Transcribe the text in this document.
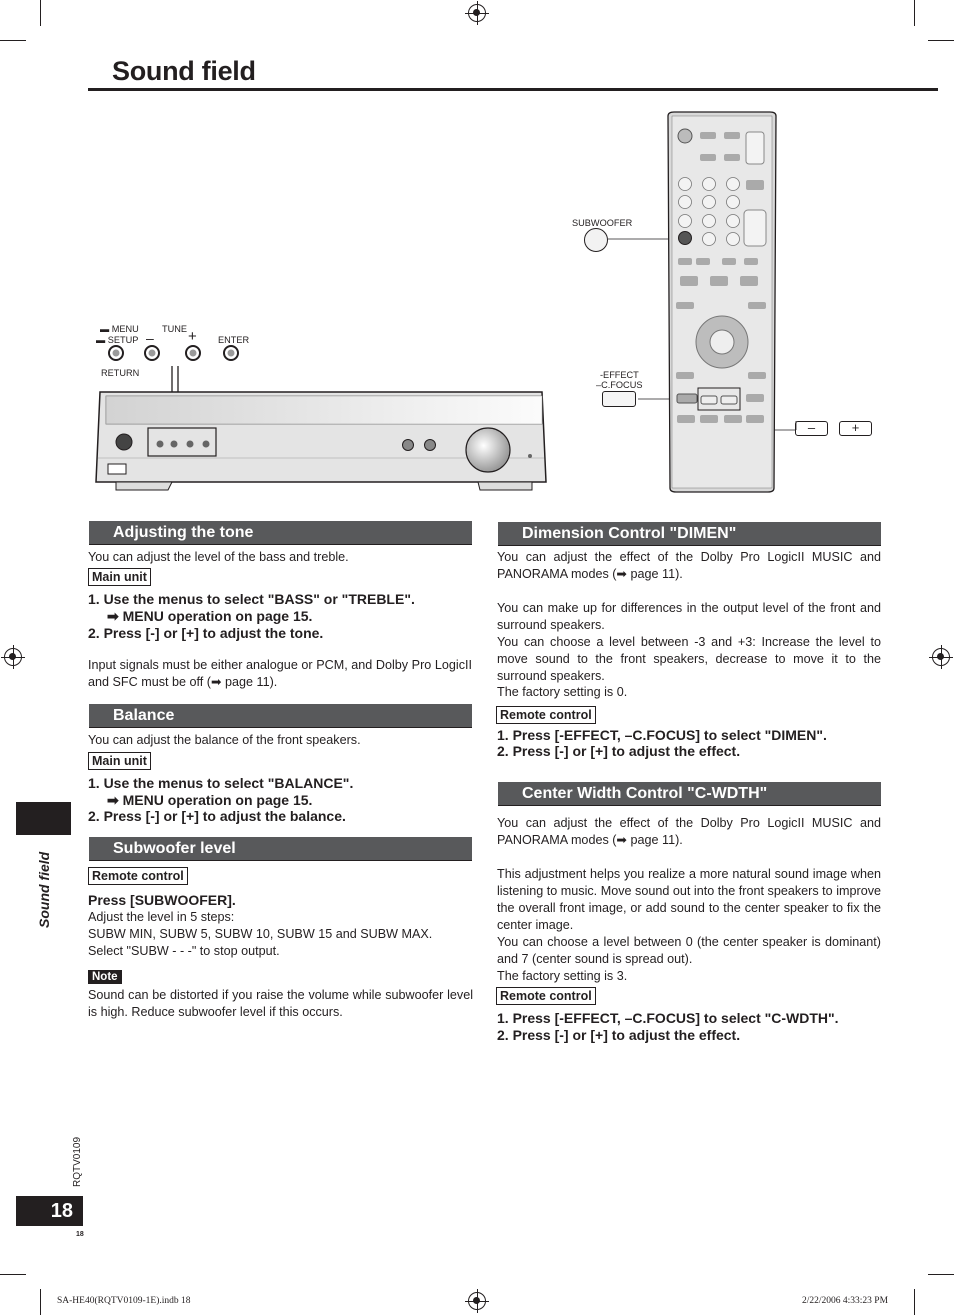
Sound field
▬ MENU
▬ SETUP
TUNE
– + ENTER
RETURN
SUBWOOFER
-EFFECT
–C.FOCUS
–	+
Adjusting the tone
You can adjust the level of the bass and treble.
Main unit
1. Use the menus to select "BASS" or "TREBLE".
➡ MENU operation on page 15.
2. Press [-] or [+] to adjust the tone.
Input signals must be either analogue or PCM, and Dolby Pro LogicII and SFC must be off (➡ page 11).
Balance
You can adjust the balance of the front speakers.
Main unit
1. Use the menus to select "BALANCE".
➡ MENU operation on page 15.
2. Press [-] or [+] to adjust the balance.
Subwoofer level
Remote control
Press [SUBWOOFER].
Adjust the level in 5 steps:
SUBW MIN, SUBW 5, SUBW 10, SUBW 15 and SUBW MAX.
Select "SUBW - - -" to stop output.
Note
Sound can be distorted if you raise the volume while subwoofer level is high. Reduce subwoofer level if this occurs.
Dimension Control "DIMEN"
You can adjust the effect of the Dolby Pro LogicII MUSIC and PANORAMA modes (➡ page 11).
You can make up for differences in the output level of the front and surround speakers.
You can choose a level between -3 and +3: Increase the level to move sound to the front speakers, decrease to move it to the surround speakers.
The factory setting is 0.
Remote control
1. Press [-EFFECT, –C.FOCUS] to select "DIMEN".
2. Press [-] or [+] to adjust the effect.
Center Width Control "C-WDTH"
You can adjust the effect of the Dolby Pro LogicII MUSIC and PANORAMA modes (➡ page 11).
This adjustment helps you realize a more natural sound image when listening to music. Move sound out into the front speakers to improve the overall front image, or add sound to the center speaker to fix the center image.
You can choose a level between 0 (the center speaker is dominant) and 7 (center sound is spread out).
The factory setting is 3.
Remote control
1. Press [-EFFECT, –C.FOCUS] to select "C-WDTH".
2. Press [-] or [+] to adjust the effect.
Sound field
RQTV0109
18
18
SA-HE40(RQTV0109-1E).indb 18	2/22/2006 4:33:23 PM
